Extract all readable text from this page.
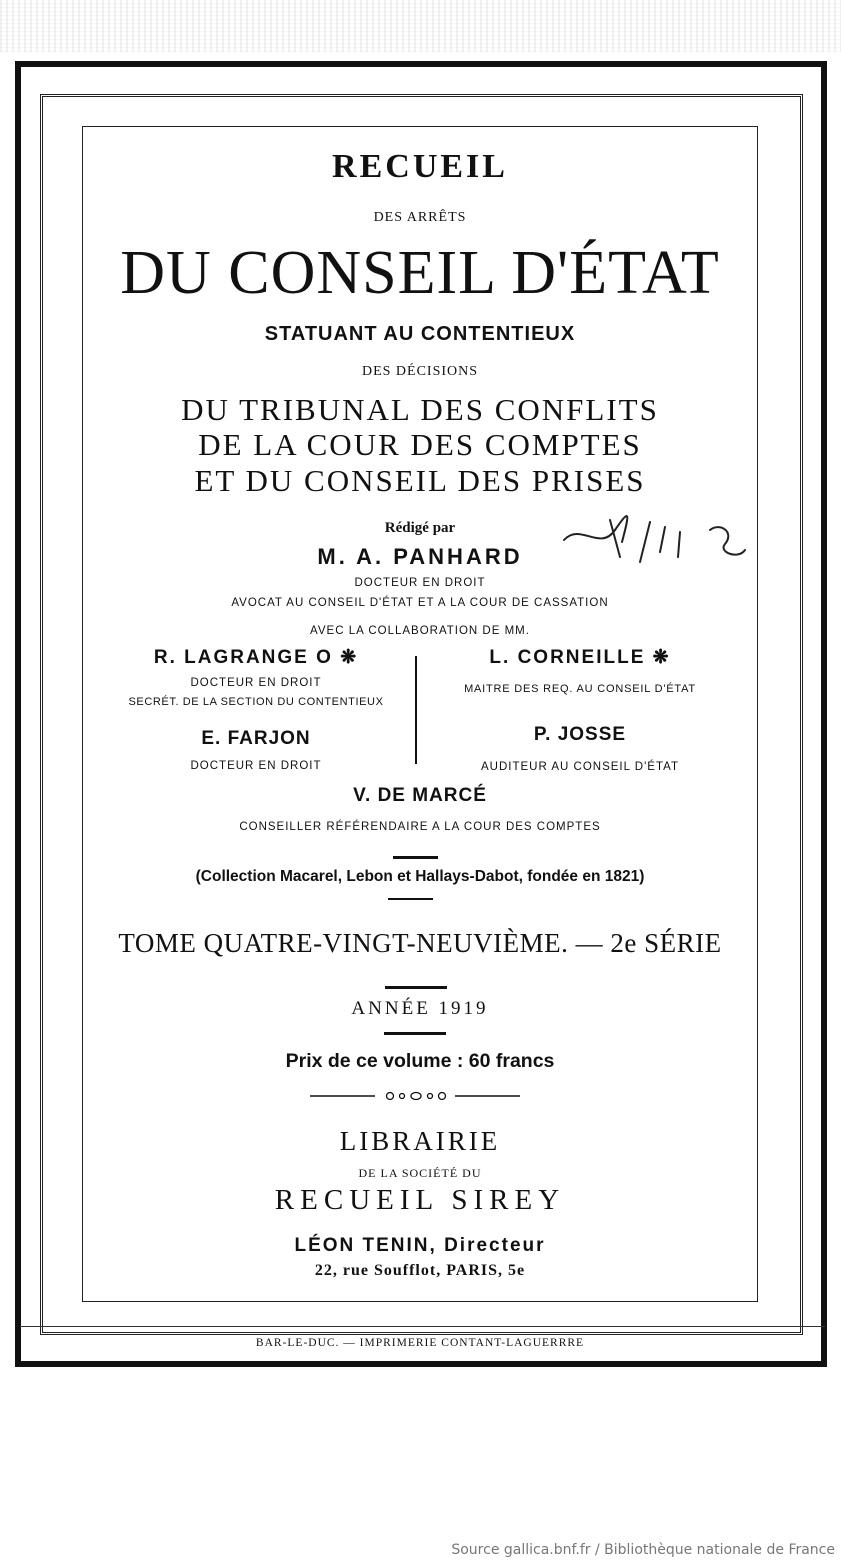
RECUEIL
DES ARRÊTS
DU CONSEIL D'ÉTAT
STATUANT AU CONTENTIEUX
DES DÉCISIONS
DU TRIBUNAL DES CONFLITS
DE LA COUR DES COMPTES
ET DU CONSEIL DES PRISES
Rédigé par
M. A. PANHARD
DOCTEUR EN DROIT
AVOCAT AU CONSEIL D'ÉTAT ET A LA COUR DE CASSATION
AVEC LA COLLABORATION DE MM.
R. LAGRANGE O ❋
DOCTEUR EN DROIT
SECRÉT. DE LA SECTION DU CONTENTIEUX
L. CORNEILLE ❋
MAITRE DES REQ. AU CONSEIL D'ÉTAT
E. FARJON
DOCTEUR EN DROIT
P. JOSSE
AUDITEUR AU CONSEIL D'ÉTAT
V. DE MARCÉ
CONSEILLER RÉFÉRENDAIRE A LA COUR DES COMPTES
(Collection Macarel, Lebon et Hallays-Dabot, fondée en 1821)
TOME QUATRE-VINGT-NEUVIÈME. — 2e SÉRIE
ANNÉE 1919
Prix de ce volume : 60 francs
LIBRAIRIE
DE LA SOCIÉTÉ DU
RECUEIL SIREY
LÉON TENIN, Directeur
22, rue Soufflot, PARIS, 5e
BAR-LE-DUC. — IMPRIMERIE CONTANT-LAGUERRRE
Source gallica.bnf.fr / Bibliothèque nationale de France
